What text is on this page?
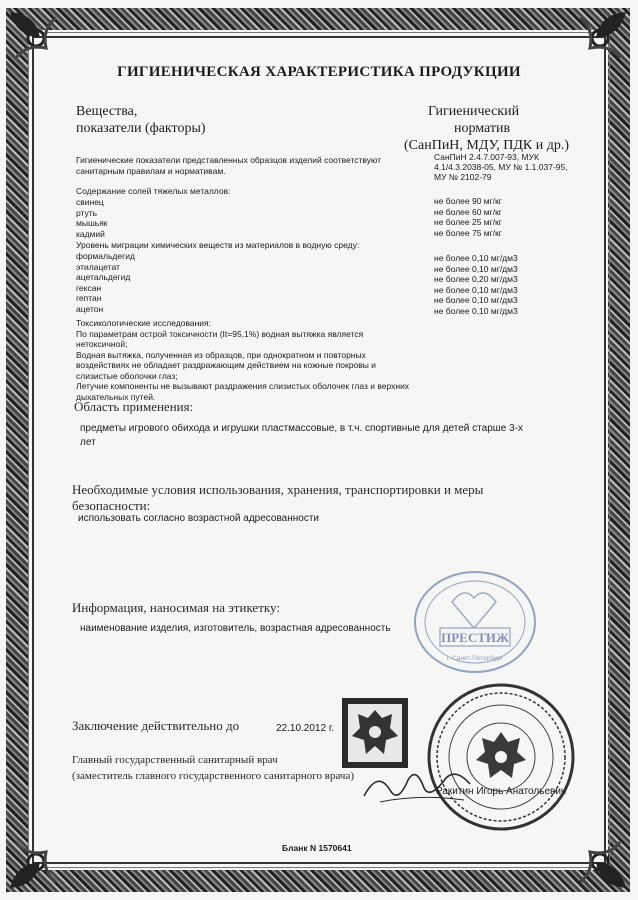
ГИГИЕНИЧЕСКАЯ ХАРАКТЕРИСТИКА ПРОДУКЦИИ
Вещества,
показатели (факторы)
Гигиенический
норматив
(СанПиН, МДУ, ПДК и др.)
Гигиенические показатели представленных образцов изделий соответствуют
санитарным правилам и нормативам.
СанПиН 2.4.7.007-93, МУК
4.1/4.3.2038-05, МУ № 1.1.037-95,
МУ № 2102-79
Содержание солей тяжелых металлов:
свинец
ртуть
мышьяк
кадмий
не более 90 мг/кг
не более 60 мг/кг
не более 25 мг/кг
не более 75 мг/кг
Уровень миграции химических веществ из материалов в водную среду:
формальдегид
этилацетат
ацетальдегид
гексан
гептан
ацетон
не более 0,10 мг/дм3
не более 0,10 мг/дм3
не более 0,20 мг/дм3
не более 0,10 мг/дм3
не более 0,10 мг/дм3
не более 0,10 мг/дм3
Токсикологические исследования:
По параметрам острой токсичности (It=95,1%) водная вытяжка является
нетоксичной;
Водная вытяжка, полученная из образцов, при однократном и повторных
воздействиях не обладает раздражающим действием на кожные покровы и
слизистые оболочки глаз;
Летучие компоненты не вызывают раздражения слизистых оболочек глаз и верхних
дыхательных путей.
Область применения:
предметы игрового обихода и игрушки пластмассовые, в т.ч. спортивные для детей старше 3-х
лет
Необходимые условия использования, хранения, транспортировки и меры
безопасности:
использовать согласно возрастной адресованности
Информация, наносимая на этикетку:
наименование изделия, изготовитель, возрастная адресованность
ПРЕСТИЖ
г. Санкт-Петербург
Заключение действительно до	22.10.2012 г.
Главный государственный санитарный врач
(заместитель главного государственного санитарного врача)
Ракитин Игорь Анатольевич
Бланк N 1570641
